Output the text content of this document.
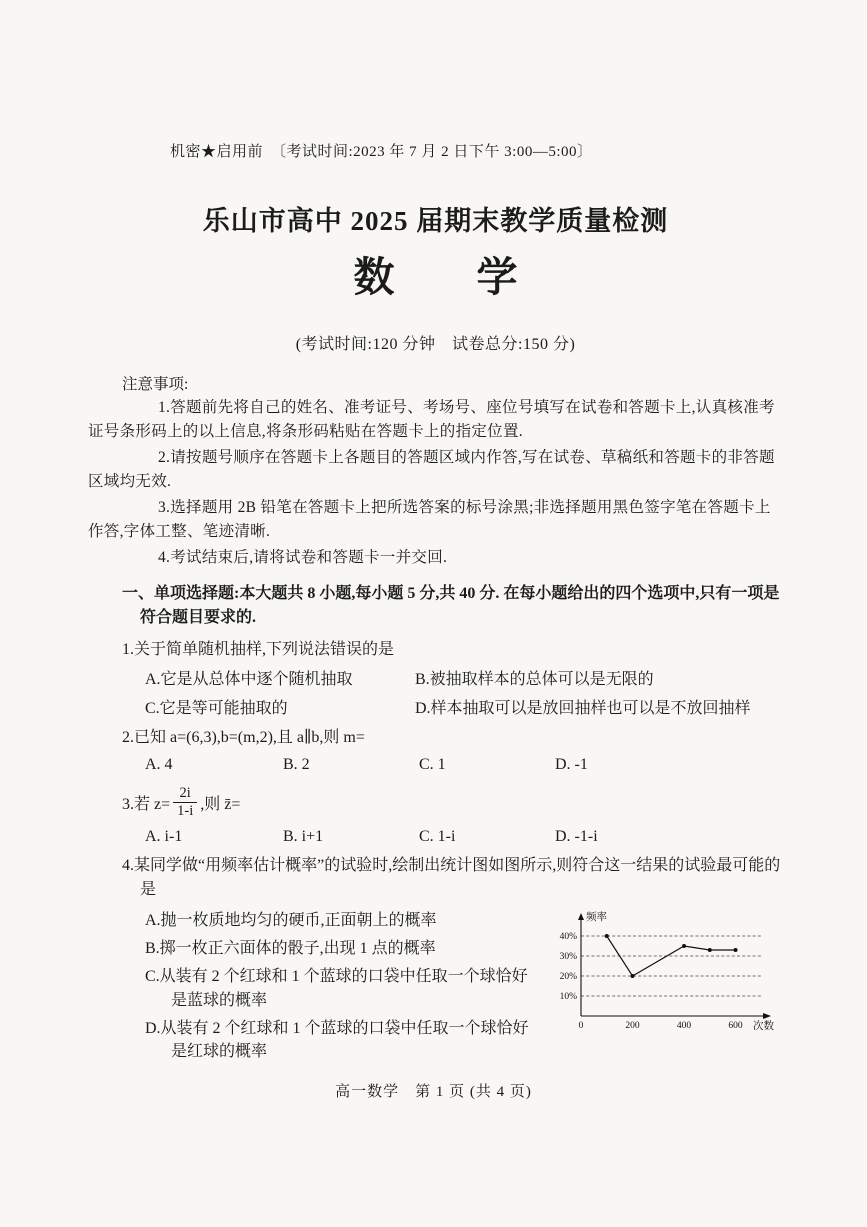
机密★启用前　〔考试时间:2023 年 7 月 2 日下午 3:00—5:00〕
乐山市高中 2025 届期末教学质量检测
数　　学
(考试时间:120 分钟　试卷总分:150 分)
注意事项:

1.答题前先将自己的姓名、准考证号、考场号、座位号填写在试卷和答题卡上,认真核准考证号条形码上的以上信息,将条形码粘贴在答题卡上的指定位置.

2.请按题号顺序在答题卡上各题目的答题区域内作答,写在试卷、草稿纸和答题卡的非答题区域均无效.

3.选择题用 2B 铅笔在答题卡上把所选答案的标号涂黑;非选择题用黑色签字笔在答题卡上作答,字体工整、笔迹清晰.

4.考试结束后,请将试卷和答题卡一并交回.

一、单项选择题:本大题共 8 小题,每小题 5 分,共 40 分. 在每小题给出的四个选项中,只有一项是符合题目要求的.
1.关于简单随机抽样,下列说法错误的是
A.它是从总体中逐个随机抽取	B.被抽取样本的总体可以是无限的
C.它是等可能抽取的	D.样本抽取可以是放回抽样也可以是不放回抽样
2.已知 a=(6,3),b=(m,2),且 a∥b,则 m=
A. 4	B. 2	C. 1	D. -1
3.若 $z= \frac{2i}{1-i}$ ,则 z̄=
A. i-1	B. i+1	C. 1-i	D. -1-i
4.某同学做“用频率估计概率”的试验时,绘制出统计图如图所示,则符合这一结果的试验最可能的是
A.抛一枚质地均匀的硬币,正面朝上的概率
B.掷一枚正六面体的骰子,出现 1 点的概率
C.从装有 2 个红球和 1 个蓝球的口袋中任取一个球恰好是蓝球的概率
D.从装有 2 个红球和 1 个蓝球的口袋中任取一个球恰好是红球的概率
40%
30%
20%
10%
0	200	400	600
频率
次数
高一数学　第 1 页 (共 4 页)
